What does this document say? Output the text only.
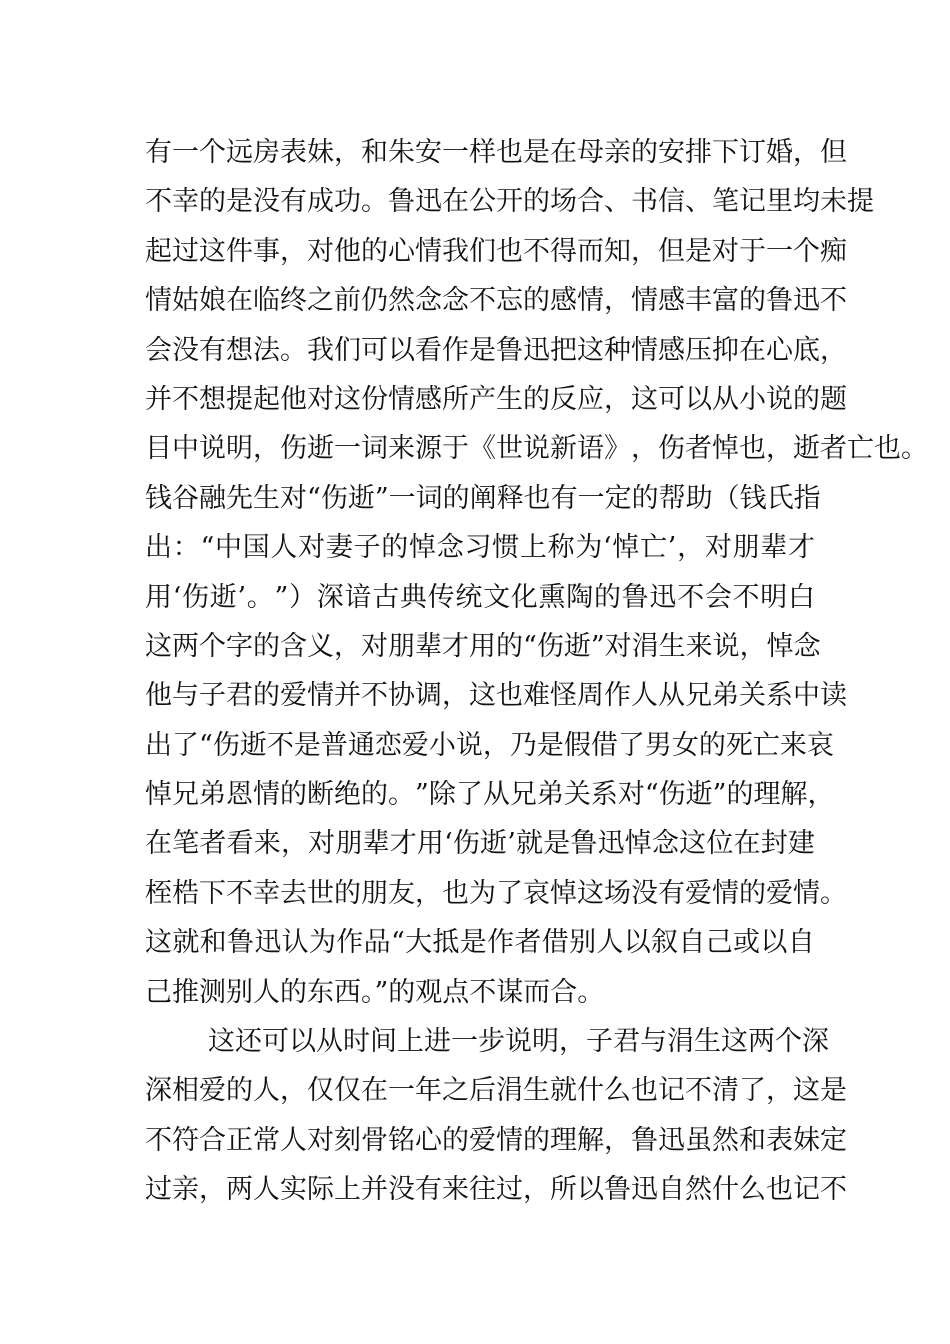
有 一 个 远 房 表 妹 ， 和 朱 安 一 样 也 是 在 母 亲 的 安 排 下 订 婚 ， 但
不 幸 的 是 没 有 成 功 。 鲁 迅 在 公 开 的 场 合 、 书 信 、 笔 记 里 均 未 提
起 过 这 件 事 ， 对 他 的 心 情 我 们 也 不 得 而 知 ， 但 是 对 于 一 个 痴
情 姑 娘 在 临 终 之 前 仍 然 念 念 不 忘 的 感 情 ， 情 感 丰 富 的 鲁 迅 不
会 没 有 想 法 。 我 们 可 以 看 作 是 鲁 迅 把 这 种 情 感 压 抑 在 心 底 ，
并 不 想 提 起 他 对 这 份 情 感 所 产 生 的 反 应 ， 这 可 以 从 小 说 的 题
目 中 说 明 ， 伤 逝 一 词 来 源 于 《 世 说 新 语 》 ， 伤 者 悼 也 ， 逝 者 亡 也 。
钱 谷 融 先 生 对 “ 伤 逝 ” 一 词 的 阐 释 也 有 一 定 的 帮 助 （ 钱 氏 指
出 ： “ 中 国 人 对 妻 子 的 悼 念 习 惯 上 称 为 ‘ 悼 亡 ’ ， 对 朋 辈 才
用 ‘ 伤 逝 ’ 。 ” ） 深 谙 古 典 传 统 文 化 熏 陶 的 鲁 迅 不 会 不 明 白
这 两 个 字 的 含 义 ， 对 朋 辈 才 用 的 “ 伤 逝 ” 对 涓 生 来 说 ， 悼 念
他 与 子 君 的 爱 情 并 不 协 调 ， 这 也 难 怪 周 作 人 从 兄 弟 关 系 中 读
出 了 “ 伤 逝 不 是 普 通 恋 爱 小 说 ， 乃 是 假 借 了 男 女 的 死 亡 来 哀
悼 兄 弟 恩 情 的 断 绝 的 。 ” 除 了 从 兄 弟 关 系 对 “ 伤 逝 ” 的 理 解 ，
在 笔 者 看 来 ， 对 朋 辈 才 用 ‘ 伤 逝 ’ 就 是 鲁 迅 悼 念 这 位 在 封 建
桎 梏 下 不 幸 去 世 的 朋 友 ， 也 为 了 哀 悼 这 场 没 有 爱 情 的 爱 情 。
这 就 和 鲁 迅 认 为 作 品 “ 大 抵 是 作 者 借 别 人 以 叙 自 己 或 以 自
己推测别人的东西。”的观点不谋而合。
这 还 可 以 从 时 间 上 进 一 步 说 明 ， 子 君 与 涓 生 这 两 个 深
深 相 爱 的 人 ， 仅 仅 在 一 年 之 后 涓 生 就 什 么 也 记 不 清 了 ， 这 是
不 符 合 正 常 人 对 刻 骨 铭 心 的 爱 情 的 理 解 ， 鲁 迅 虽 然 和 表 妹 定
过 亲 ， 两 人 实 际 上 并 没 有 来 往 过 ， 所 以 鲁 迅 自 然 什 么 也 记 不
